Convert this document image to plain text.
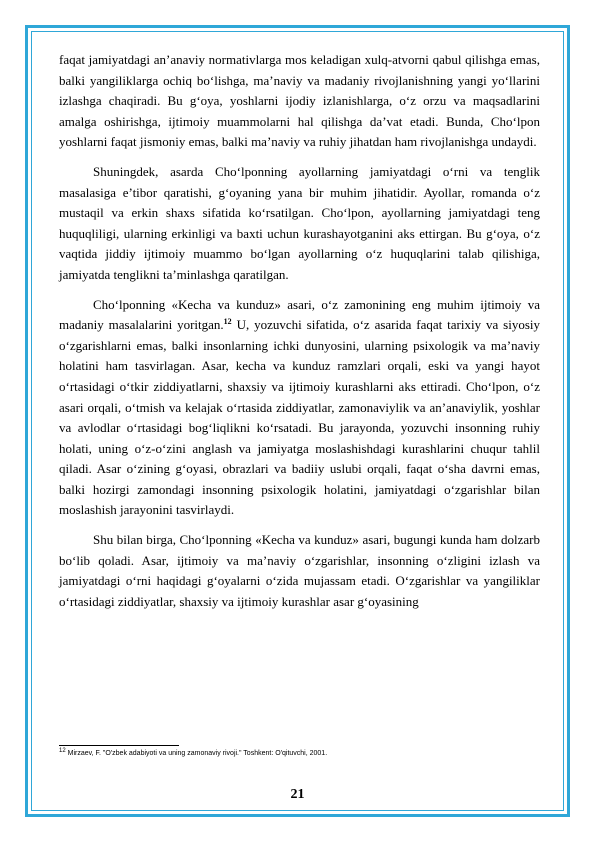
faqat jamiyatdagi an’anaviy normativlarga mos keladigan xulq-atvorni qabul qilishga emas, balki yangiliklarga ochiq bo‘lishga, ma’naviy va madaniy rivojlanishning yangi yo‘llarini izlashga chaqiradi. Bu g‘oya, yoshlarni ijodiy izlanishlarga, o‘z orzu va maqsadlarini amalga oshirishga, ijtimoiy muammolarni hal qilishga da’vat etadi. Bunda, Cho‘lpon yoshlarni faqat jismoniy emas, balki ma’naviy va ruhiy jihatdan ham rivojlanishga undaydi.

Shuningdek, asarda Cho‘lponning ayollarning jamiyatdagi o‘rni va tenglik masalasiga e’tibor qaratishi, g‘oyaning yana bir muhim jihatidir. Ayollar, romanda o‘z mustaqil va erkin shaxs sifatida ko‘rsatilgan. Cho‘lpon, ayollarning jamiyatdagi teng huquqliligi, ularning erkinligi va baxti uchun kurashayotganini aks ettirgan. Bu g‘oya, o‘z vaqtida jiddiy ijtimoiy muammo bo‘lgan ayollarning o‘z huquqlarini talab qilishiga, jamiyatda tenglikni ta’minlashga qaratilgan.

Cho‘lponning «Kecha va kunduz» asari, o‘z zamonining eng muhim ijtimoiy va madaniy masalalarini yoritgan.$^{12}$ U, yozuvchi sifatida, o‘z asarida faqat tarixiy va siyosiy o‘zgarishlarni emas, balki insonlarning ichki dunyosini, ularning psixologik va ma’naviy holatini ham tasvirlagan. Asar, kecha va kunduz ramzlari orqali, eski va yangi hayot o‘rtasidagi o‘tkir ziddiyatlarni, shaxsiy va ijtimoiy kurashlarni aks ettiradi. Cho‘lpon, o‘z asari orqali, o‘tmish va kelajak o‘rtasida ziddiyatlar, zamonaviylik va an’anaviylik, yoshlar va avlodlar o‘rtasidagi bog‘liqlikni ko‘rsatadi. Bu jarayonda, yozuvchi insonning ruhiy holati, uning o‘z-o‘zini anglash va jamiyatga moslashishdagi kurashlarini chuqur tahlil qiladi. Asar o‘zining g‘oyasi, obrazlari va badiiy uslubi orqali, faqat o‘sha davrni emas, balki hozirgi zamondagi insonning psixologik holatini, jamiyatdagi o‘zgarishlar bilan moslashish jarayonini tasvirlaydi.

Shu bilan birga, Cho‘lponning «Kecha va kunduz» asari, bugungi kunda ham dolzarb bo‘lib qoladi. Asar, ijtimoiy va ma’naviy o‘zgarishlar, insonning o‘zligini izlash va jamiyatdagi o‘rni haqidagi g‘oyalarni o‘zida mujassam etadi. O‘zgarishlar va yangiliklar o‘rtasidagi ziddiyatlar, shaxsiy va ijtimoiy kurashlar asar g‘oyasining

$^{12}$ Mirzaev, F. "O'zbek adabiyoti va uning zamonaviy rivoji." Toshkent: O'qituvchi, 2001.
21
